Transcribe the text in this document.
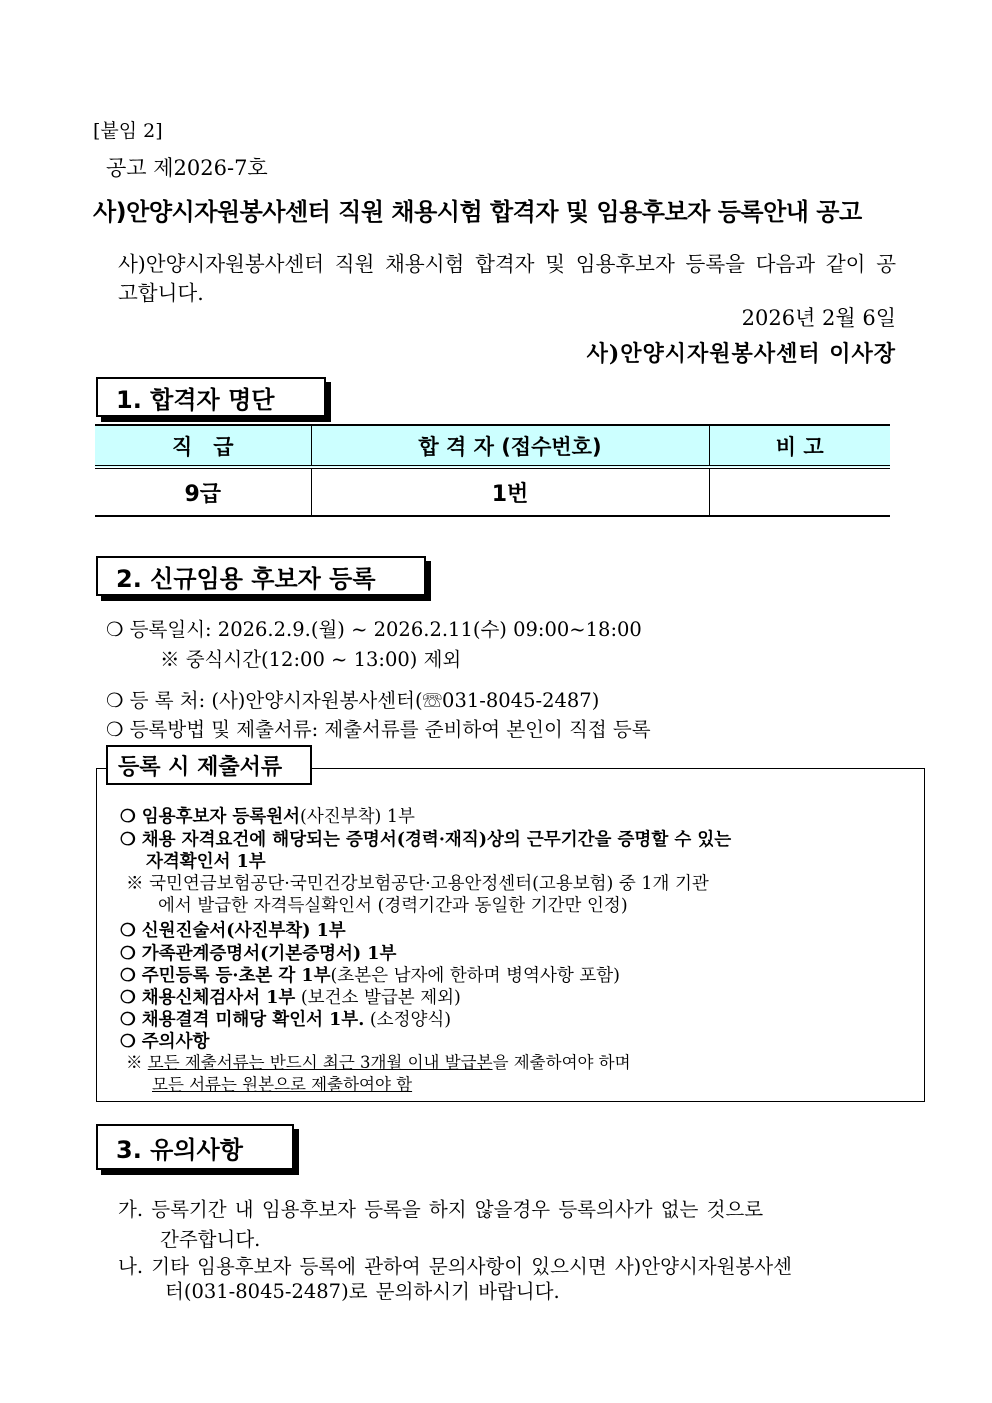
[붙임 2]
공고 제2026-7호
사)안양시자원봉사센터 직원 채용시험 합격자 및 임용후보자 등록안내 공고
사)안양시자원봉사센터 직원 채용시험 합격자 및 임용후보자 등록을 다음과 같이 공고합니다.
2026년 2월 6일
사)안양시자원봉사센터 이사장
1. 합격자 명단
직　급	합 격 자 (접수번호)	비 고
9급	1번	
2. 신규임용 후보자 등록
❍ 등록일시: 2026.2.9.(월) ~ 2026.2.11(수) 09:00~18:00
※ 중식시간(12:00 ~ 13:00) 제외
❍ 등 록 처: (사)안양시자원봉사센터(☏031-8045-2487)
❍ 등록방법 및 제출서류: 제출서류를 준비하여 본인이 직접 등록
등록 시 제출서류
❍ 임용후보자 등록원서(사진부착) 1부
❍ 채용 자격요건에 해당되는 증명서(경력·재직)상의 근무기간을 증명할 수 있는
자격확인서 1부
※ 국민연금보험공단·국민건강보험공단·고용안정센터(고용보험) 중 1개 기관
에서 발급한 자격득실확인서 (경력기간과 동일한 기간만 인정)
❍ 신원진술서(사진부착) 1부
❍ 가족관계증명서(기본증명서) 1부
❍ 주민등록 등·초본 각 1부(초본은 남자에 한하며 병역사항 포함)
❍ 채용신체검사서 1부 (보건소 발급본 제외)
❍ 채용결격 미해당 확인서 1부. (소정양식)
❍ 주의사항
※ 모든 제출서류는 반드시 최근 3개월 이내 발급본을 제출하여야 하며
모든 서류는 원본으로 제출하여야 함
3. 유의사항
가. 등록기간 내 임용후보자 등록을 하지 않을경우 등록의사가 없는 것으로
간주합니다.
나. 기타 임용후보자 등록에 관하여 문의사항이 있으시면 사)안양시자원봉사센
터(031-8045-2487)로 문의하시기 바랍니다.
